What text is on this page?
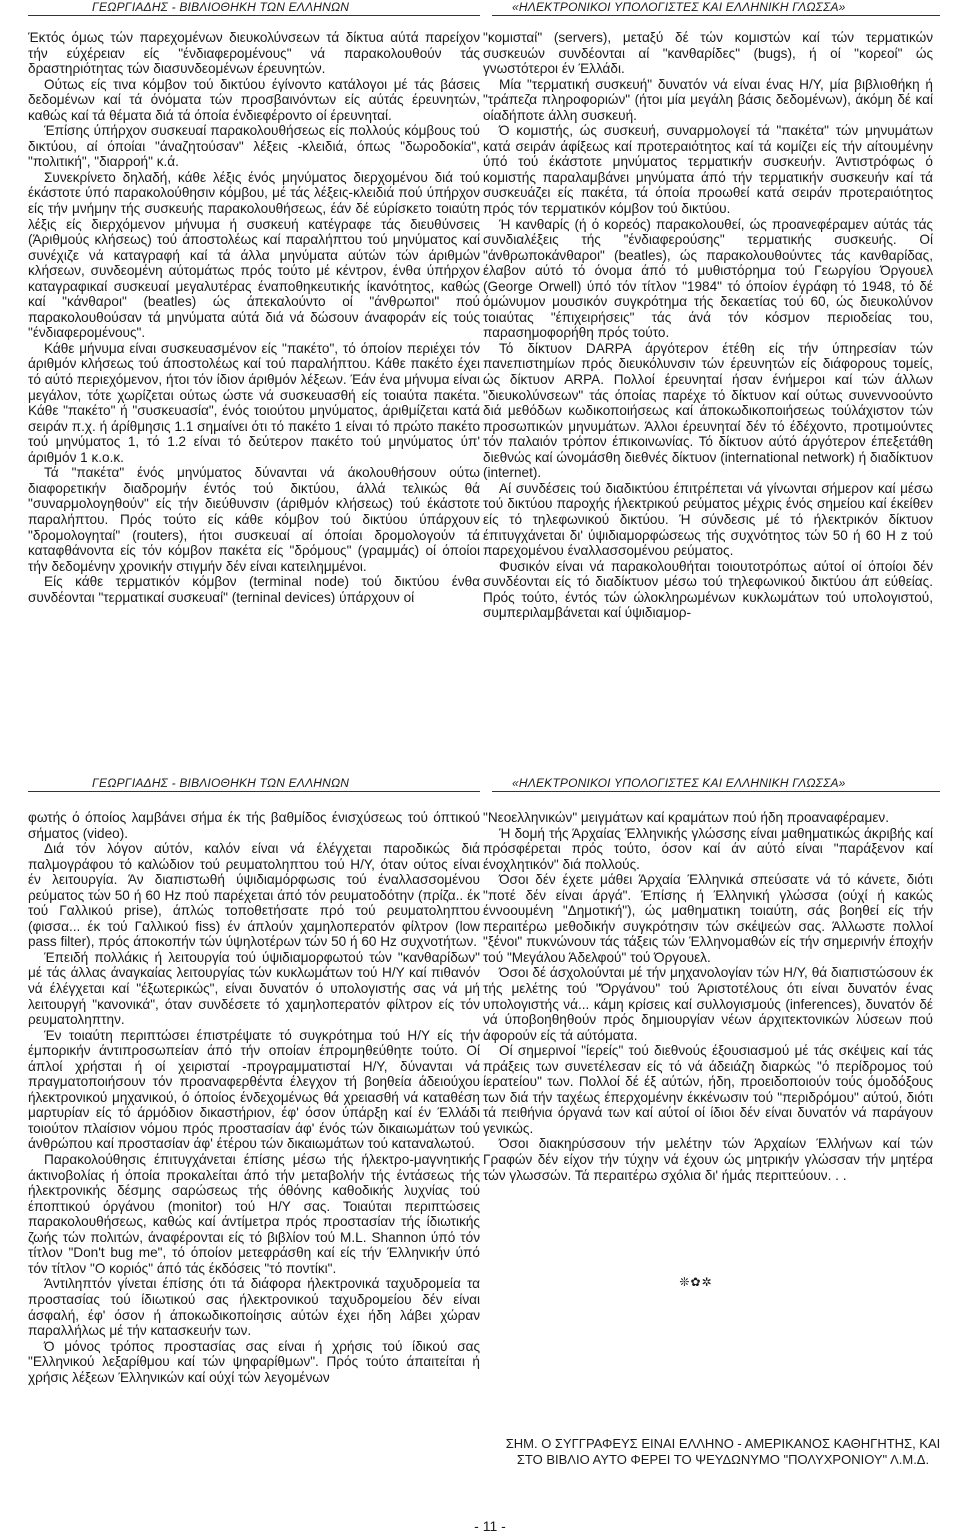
ΓΕΩΡΓΙΑΔΗΣ - ΒΙΒΛΙΟΘΗΚΗ ΤΩΝ ΕΛΛΗΝΩΝ	«ΗΛΕΚΤΡΟΝΙΚΟΙ ΥΠΟΛΟΓΙΣΤΕΣ ΚΑΙ ΕΛΛΗΝΙΚΗ ΓΛΩΣΣΑ»

Έκτός όμως τών παρεχομένων διευκολύνσεων τά δίκτυα αύτά παρείχον τήν εύχέρειαν είς "ένδιαφερομένους" νά παρακολουθούν τάς δραστηριότητας τών διασυνδεομένων έρευνητών.

Ούτως είς τινα κόμβον τού δικτύου έγίνοντο κατάλογοι μέ τάς βάσεις δεδομένων καί τά όνόματα τών προσβαινόντων είς αύτάς έρευνητών, καθώς καί τά θέματα διά τά όποία ένδιεφέροντο οί έρευνηταί.

Έπίσης ύπήρχον συσκευαί παρακολουθήσεως είς πολλούς κόμβους τού δικτύου, αί όποίαι "άναζητούσαν" λέξεις -κλειδιά, όπως "δωροδοκία", "πολιτική", "διαρροή" κ.ά.

Συνεκρίνετο δηλαδή, κάθε λέξις ένός μηνύματος διερχομένου διά τού έκάστοτε ύπό παρακολούθησιν κόμβου, μέ τάς λέξεις-κλειδιά πού ύπήρχον είς τήν μνήμην τής συσκευής παρακολουθήσεως, έάν δέ εύρίσκετο τοιαύτη λέξις είς διερχόμενον μήνυμα ή συσκευή κατέγραφε τάς διευθύνσεις (Άριθμούς κλήσεως) τού άποστολέως καί παραλήπτου τού μηνύματος καί συνέχιζε νά καταγραφή καί τά άλλα μηνύματα αύτών τών άριθμών κλήσεων, συνδεομένη αύτομάτως πρός τούτο μέ κέντρον, ένθα ύπήρχον καταγραφικαί συσκευαί μεγαλυτέρας έναποθηκευτικής ίκανότητος, καθώς καί "κάνθαροι" (beatles) ώς άπεκαλούντο οί "άνθρωποι" πού παρακολουθούσαν τά μηνύματα αύτά διά νά δώσουν άναφοράν είς τούς "ένδιαφερομένους".

Κάθε μήνυμα είναι συσκευασμένον είς "πακέτο", τό όποίον περιέχει τόν άριθμόν κλήσεως τού άποστολέως καί τού παραλήπτου. Κάθε πακέτο έχει τό αύτό περιεχόμενον, ήτοι τόν ίδιον άριθμόν λέξεων. Έάν ένα μήνυμα είναι μεγάλον, τότε χωρίζεται ούτως ώστε νά συσκευασθή είς τοιαύτα πακέτα. Κάθε "πακέτο" ή "συσκευασία", ένός τοιούτου μηνύματος, άριθμίζεται κατά σειράν π.χ. ή άρίθμησις 1.1 σημαίνει ότι τό πακέτο 1 είναι τό πρώτο πακέτο τού μηνύματος 1, τό 1.2 είναι τό δεύτερον πακέτο τού μηνύματος ύπ' άριθμόν 1 κ.ο.κ.

Τά "πακέτα" ένός μηνύματος δύνανται νά άκολουθήσουν ούτω διαφορετικήν διαδρομήν έντός τού δικτύου, άλλά τελικώς θά "συναρμολογηθούν" είς τήν διεύθυνσιν (άριθμόν κλήσεως) τού έκάστοτε παραλήπτου. Πρός τούτο είς κάθε κόμβον τού δικτύου ύπάρχουν "δρομολογηταί" (routers), ήτοι συσκευαί αί όποίαι δρομολογούν τά καταφθάνοντα είς τόν κόμβον πακέτα είς "δρόμους" (γραμμάς) οί όποίοι τήν δεδομένην χρονικήν στιγμήν δέν είναι κατειλημμένοι.

Είς κάθε τερματικόν κόμβον (terminal node) τού δικτύου ένθα συνδέονται "τερματικαί συσκευαί" (terninal devices) ύπάρχουν οί

"κομισταί" (servers), μεταξύ δέ τών κομιστών καί τών τερματικών συσκευών συνδέονται αί "κανθαρίδες" (bugs), ή οί "κορεοί" ώς γνωστότεροι έν Έλλάδι.

Μία "τερματική συσκευή" δυνατόν νά είναι ένας Η/Υ, μία βιβλιοθήκη ή "τράπεζα πληροφοριών" (ήτοι μία μεγάλη βάσις δεδομένων), άκόμη δέ καί οίαδήποτε άλλη συσκευή.

Ό κομιστής, ώς συσκευή, συναρμολογεί τά "πακέτα" τών μηνυμάτων κατά σειράν άφίξεως καί προτεραιότητος καί τά κομίζει είς τήν αίτουμένην ύπό τού έκάστοτε μηνύματος τερματικήν συσκευήν. Άντιστρόφως ό κομιστής παραλαμβάνει μηνύματα άπό τήν τερματικήν συσκευήν καί τά συσκευάζει είς πακέτα, τά όποία προωθεί κατά σειράν προτεραιότητος πρός τόν τερματικόν κόμβον τού δικτύου.

Ή κανθαρίς (ή ό κορεός) παρακολουθεί, ώς προανεφέραμεν αύτάς τάς συνδιαλέξεις τής "ένδιαφερούσης" τερματικής συσκευής. Οί "άνθρωποκάνθαροι" (beatles), ώς παρακολουθούντες τάς κανθαρίδας, έλαβον αύτό τό όνομα άπό τό μυθιστόρημα τού Γεωργίου Όργουελ (George Orwell) ύπό τόν τίτλον "1984" τό όποίον έγράφη τό 1948, τό δέ όμώνυμον μουσικόν συγκρότημα τής δεκαετίας τού 60, ώς διευκολύνον τοιαύτας "έπιχειρήσεις" τάς άνά τόν κόσμον περιοδείας του, παρασημοφορήθη πρός τούτο.

Τό δίκτυον DARPA άργότερον έτέθη είς τήν ύπηρεσίαν τών πανεπιστημίων πρός διευκόλυνσιν τών έρευνητών είς διάφορους τομείς, ώς δίκτυον ARPA. Πολλοί έρευνηταί ήσαν ένήμεροι καί τών άλλων "διευκολύνσεων" τάς όποίας παρέχε τό δίκτυον καί ούτως συνεννοούντο διά μεθόδων κωδικοποιήσεως καί άποκωδικοποιήσεως τούλάχιστον τών προσωπικών μηνυμάτων. Άλλοι έρευνηταί δέν τό έδέχοντο, προτιμούντες τόν παλαιόν τρόπον έπικοινωνίας. Τό δίκτυον αύτό άργότερον έπεξετάθη διεθνώς καί ώνομάσθη διεθνές δίκτυον (international network) ή διαδίκτυον (internet).

Αί συνδέσεις τού διαδικτύου έπιτρέπεται νά γίνωνται σήμερον καί μέσω τού δικτύου παροχής ήλεκτρικού ρεύματος μέχρις ένός σημείου καί έκείθεν είς τό τηλεφωνικού δικτύου. Ή σύνδεσις μέ τό ήλεκτρικόν δίκτυον έπιτυγχάνεται δι' ύψιδιαμορφώσεως τής συχνότητος τών 50 ή 60 Η z τού παρεχομένου έναλλασσομένου ρεύματος.

Φυσικόν είναι νά παρακολουθήται τοιουτοτρόπως αύτοί οί όποίοι δέν συνδέονται είς τό διαδίκτυον μέσω τού τηλεφωνικού δικτύου άπ εύθείας. Πρός τούτο, έντός τών ώλοκληρωμένων κυκλωμάτων τού υπολογιστού, συμπεριλαμβάνεται καί ύψιδιαμορ-

ΓΕΩΡΓΙΑΔΗΣ - ΒΙΒΛΙΟΘΗΚΗ ΤΩΝ ΕΛΛΗΝΩΝ	«ΗΛΕΚΤΡΟΝΙΚΟΙ ΥΠΟΛΟΓΙΣΤΕΣ ΚΑΙ ΕΛΛΗΝΙΚΗ ΓΛΩΣΣΑ»

φωτής ό όποίος λαμβάνει σήμα έκ τής βαθμίδος ένισχύσεως τού όπτικού σήματος (video).

Διά τόν λόγον αύτόν, καλόν είναι νά έλέγχεται παροδικώς διά παλμογράφου τό καλώδιον τού ρευματοληπτου τού Η/Υ, όταν ούτος είναι έν λειτουργία. Άν διαπιστωθή ύψιδιαμόρφωσις τού έναλλασσομένου ρεύματος τών 50 ή 60 Hz πού παρέχεται άπό τόν ρευματοδότην (πρίζα.. έκ τού Γαλλικού prise), άπλώς τοποθετήσατε πρό τού ρευματοληπτου (φισσα... έκ τού Γαλλικού fiss) έν άπλούν χαμηλοπερατόν φίλτρον (low pass filter), πρός άποκοπήν τών ύψηλοτέρων τών 50 ή 60 Hz συχνοτήτων.

Έπειδή πολλάκις ή λειτουργία τού ύψιδιαμορφωτού τών "κανθαρίδων" μέ τάς άλλας άναγκαίας λειτουργίας τών κυκλωμάτων τού Η/Υ καί πιθανόν νά έλέγχεται καί "έξωτερικώς", είναι δυνατόν ό υπολογιστής σας νά μή λειτουργή "κανονικά", όταν συνδέσετε τό χαμηλοπερατόν φίλτρον είς τόν ρευματοληπτην.

Έν τοιαύτη περιπτώσει έπιστρέψατε τό συγκρότημα τού Η/Υ είς τήν έμπορικήν άντιπροσωπείαν άπό τήν οποίαν έπρομηθεύθητε τούτο. Οί άπλοί χρήσται ή οί χειρισταί -προγραμματισταί Η/Υ, δύνανται νά πραγματοποιήσουν τόν προαναφερθέντα έλεγχον τή βοηθεία άδειούχου ήλεκτρονικού μηχανικού, ό όποίος ένδεχομένως θά χρειασθή νά καταθέση μαρτυρίαν είς τό άρμόδιον δικαστήριον, έφ' όσον ύπάρξη καί έν Έλλάδι τοιούτον πλαίσιον νόμου πρός προστασίαν άφ' ένός τών δικαιωμάτων τού άνθρώπου καί προστασίαν άφ' έτέρου τών δικαιωμάτων τού καταναλωτού.

Παρακολούθησις έπιτυγχάνεται έπίσης μέσω τής ήλεκτρο-μαγνητικής άκτινοβολίας ή όποία προκαλείται άπό τήν μεταβολήν τής έντάσεως τής ήλεκτρονικής δέσμης σαρώσεως τής όθόνης καθοδικής λυχνίας τού έποπτικού όργάνου (monitor) τού Η/Υ σας. Τοιαύται περιπτώσεις παρακολουθήσεως, καθώς καί άντίμετρα πρός προστασίαν τής ίδιωτικής ζωής τών πολιτών, άναφέρονται είς τό βιβλίον τού M.L. Shannon ύπό τόν τίτλον "Don't bug me", τό όποίον μετεφράσθη καί είς τήν Έλληνικήν ύπό τόν τίτλον "Ο κοριός" άπό τάς έκδόσεις "τό ποντίκι".

Άντιληπτόν γίνεται έπίσης ότι τά διάφορα ήλεκτρονικά ταχυδρομεία τα προστασίας τού ίδιωτικού σας ήλεκτρονικού ταχυδρομείου δέν είναι άσφαλή, έφ' όσον ή άποκωδικοποίησις αύτών έχει ήδη λάβει χώραν παραλλήλως μέ τήν κατασκευήν των.

Ό μόνος τρόπος προστασίας σας είναι ή χρήσις τού ίδικού σας "Ελληνικού λεξαρίθμου καί τών ψηφαρίθμων". Πρός τούτο άπαιτείται ή χρήσις λέξεων Έλληνικών καί ούχί τών λεγομένων

"Νεοελληνικών" μειγμάτων καί κραμάτων πού ήδη προαναφέραμεν.

Ή δομή τής Άρχαίας Έλληνικής γλώσσης είναι μαθηματικώς άκριβής καί πρόσφέρεται πρός τούτο, όσον καί άν αύτό είναι "παράξενον καί ένοχλητικόν" διά πολλούς.

Όσοι δέν έχετε μάθει Άρχαία Έλληνικά σπεύσατε νά τό κάνετε, διότι "ποτέ δέν είναι άργά". Έπίσης ή Έλληνική γλώσσα (ούχί ή κακώς έννοουμένη "Δημοτική"), ώς μαθηματικη τοιαύτη, σάς βοηθεί είς τήν περαιτέρω μεθοδικήν συγκρότησιν τών σκέψεών σας. Άλλωστε πολλοί "ξένοι" πυκνώνουν τάς τάξεις τών Έλληνομαθών είς τήν σημερινήν έποχήν τού "Μεγάλου Άδελφού" τού Όργουελ.

Όσοι δέ άσχολούνται μέ τήν μηχανολογίαν τών Η/Υ, θά διαπιστώσουν έκ τής μελέτης τού "Όργάνου" τού Άριστοτέλους ότι είναι δυνατόν ένας υπολογιστής νά... κάμη κρίσεις καί συλλογισμούς (inferences), δυνατόν δέ νά ύποβοηθηθούν πρός δημιουργίαν νέων άρχιτεκτονικών λύσεων πού άφορούν είς τά αύτόματα.

Οί σημερινοί "ίερείς" τού διεθνούς έξουσιασμού μέ τάς σκέψεις καί τάς πράξεις των συνετέλεσαν είς τό νά άδειάζη διαρκώς "ό περίδρομος τού ίερατείου" των. Πολλοί δέ έξ αύτών, ήδη, προειδοποιούν τούς όμοδόξους των διά τήν ταχέως έπερχομένην έκκένωσιν τού "περιδρόμου" αύτού, διότι τά πειθήνια όργανά των καί αύτοί οί ίδιοι δέν είναι δυνατόν νά παράγουν γενικώς.

Όσοι διακηρύσσουν τήν μελέτην τών Άρχαίων Έλλήνων καί τών Γραφών δέν είχον τήν τύχην νά έχουν ώς μητρικήν γλώσσαν τήν μητέρα τών γλωσσών. Τά περαιτέρω σχόλια δι' ήμάς περιττεύουν. . .

❊✿✲
ΣΗΜ. Ο ΣΥΓΓΡΑΦΕΥΣ ΕΙΝΑΙ ΕΛΛΗΝΟ - ΑΜΕΡΙΚΑΝΟΣ ΚΑΘΗΓΗΤΗΣ, ΚΑΙ ΣΤΟ ΒΙΒΛΙΟ ΑΥΤΟ ΦΕΡΕΙ ΤΟ ΨΕΥΔΩΝΥΜΟ "ΠΟΛΥΧΡΟΝΙΟΥ" Λ.Μ.Δ.
- 11 -
